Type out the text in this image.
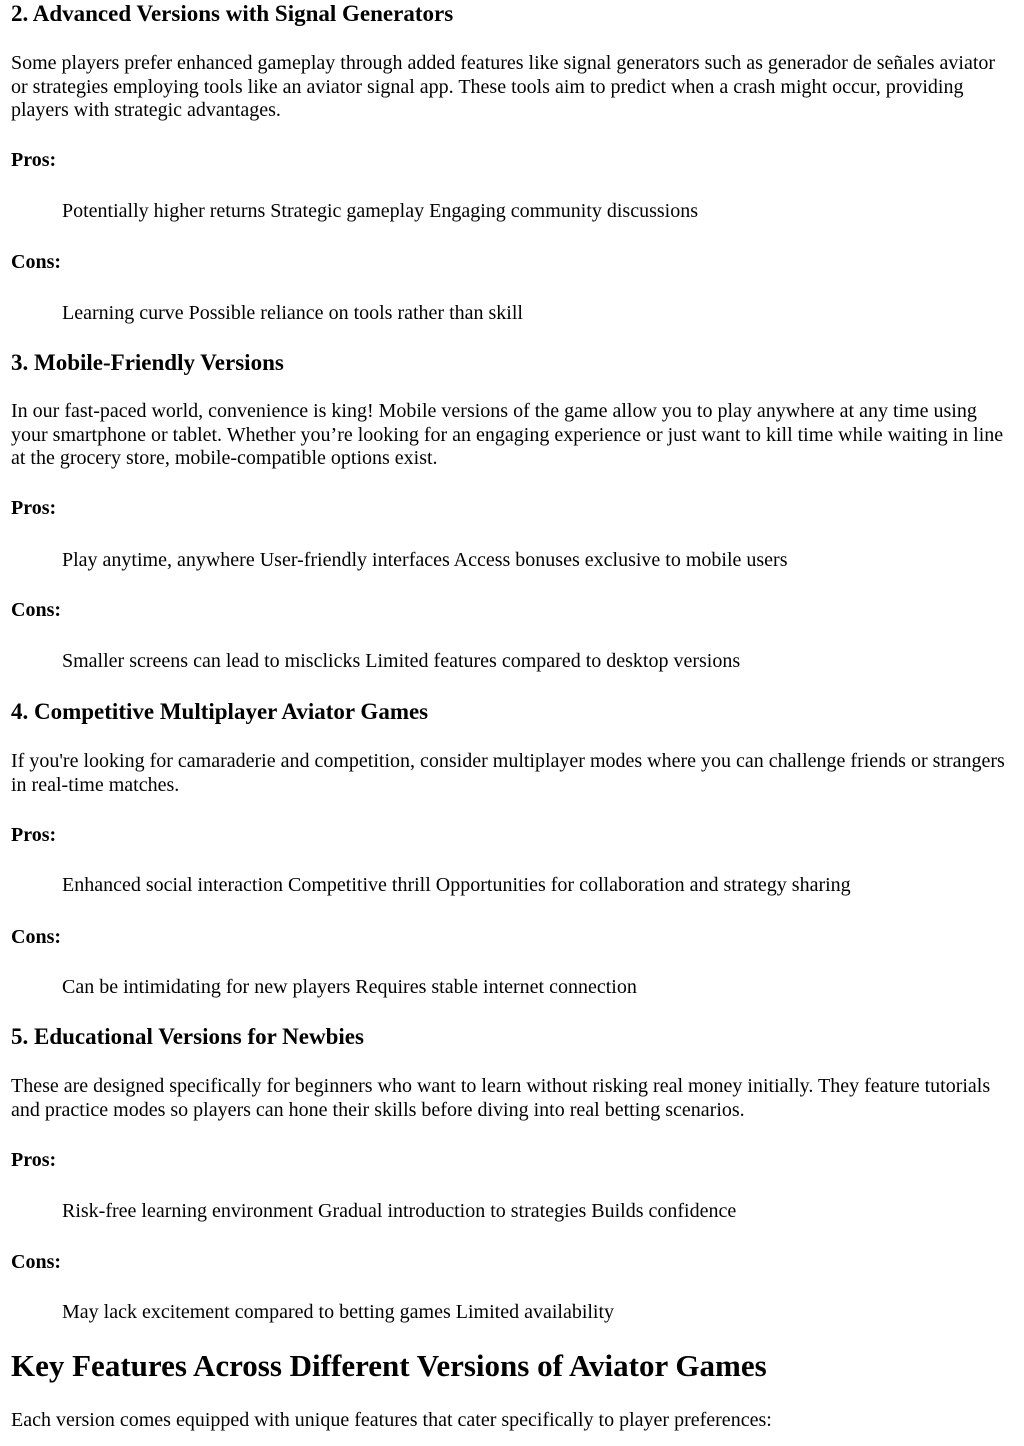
2. Advanced Versions with Signal Generators

Some players prefer enhanced gameplay through added features like signal generators such as generador de señales aviator or strategies employing tools like an aviator signal app. These tools aim to predict when a crash might occur, providing players with strategic advantages.

Pros:
Potentially higher returns Strategic gameplay Engaging community discussions
Cons:
Learning curve Possible reliance on tools rather than skill
3. Mobile-Friendly Versions

In our fast-paced world, convenience is king! Mobile versions of the game allow you to play anywhere at any time using your smartphone or tablet. Whether you’re looking for an engaging experience or just want to kill time while waiting in line at the grocery store, mobile-compatible options exist.

Pros:
Play anytime, anywhere User-friendly interfaces Access bonuses exclusive to mobile users
Cons:
Smaller screens can lead to misclicks Limited features compared to desktop versions
4. Competitive Multiplayer Aviator Games

If you're looking for camaraderie and competition, consider multiplayer modes where you can challenge friends or strangers in real-time matches.

Pros:
Enhanced social interaction Competitive thrill Opportunities for collaboration and strategy sharing
Cons:
Can be intimidating for new players Requires stable internet connection
5. Educational Versions for Newbies

These are designed specifically for beginners who want to learn without risking real money initially. They feature tutorials and practice modes so players can hone their skills before diving into real betting scenarios.

Pros:
Risk-free learning environment Gradual introduction to strategies Builds confidence
Cons:
May lack excitement compared to betting games Limited availability
Key Features Across Different Versions of Aviator Games

Each version comes equipped with unique features that cater specifically to player preferences:
